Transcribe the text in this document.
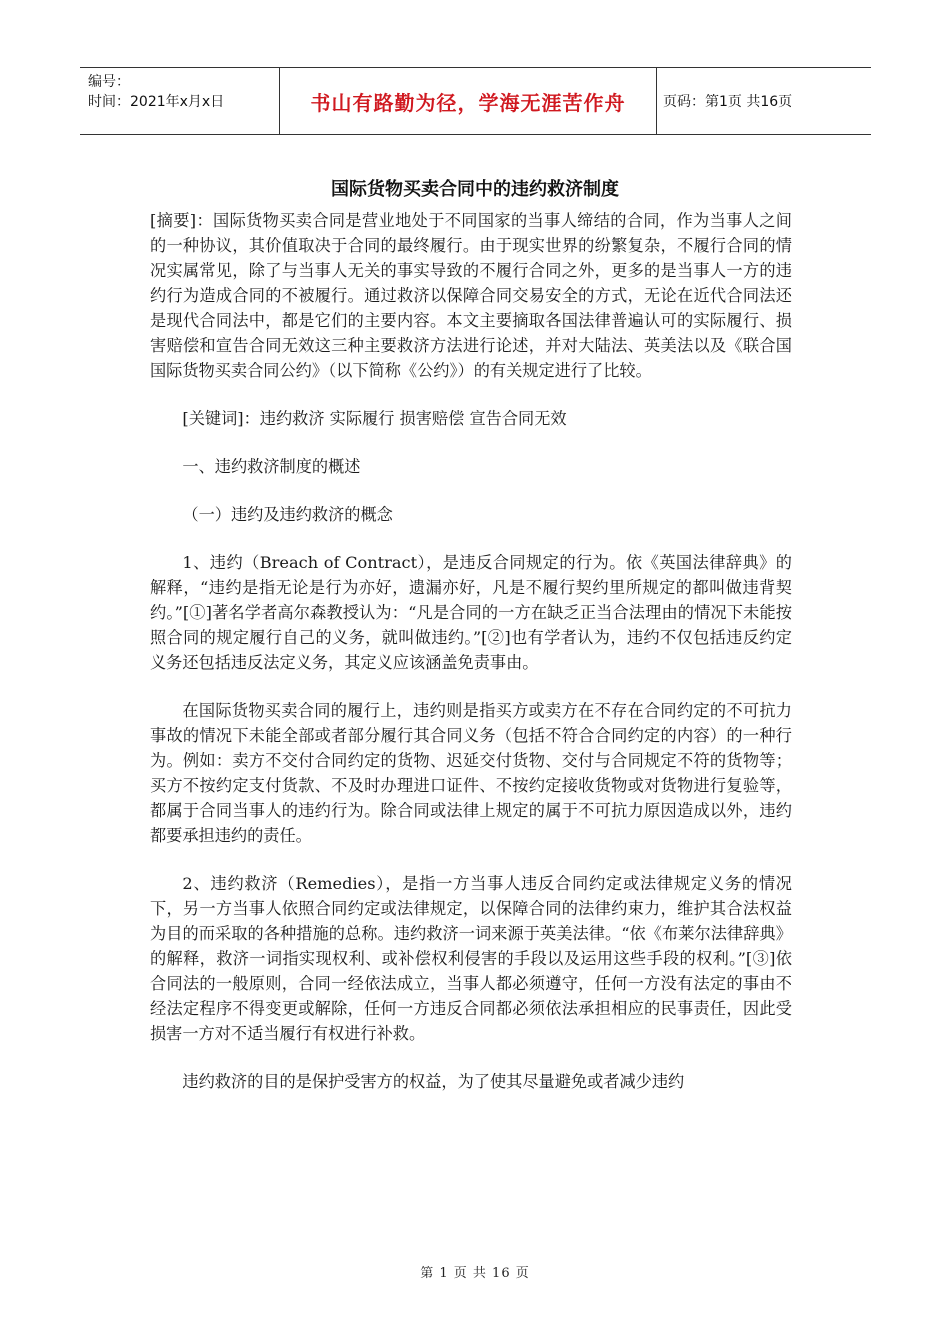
编号：
时间：2021年x月x日	书山有路勤为径，学海无涯苦作舟	页码：第1页 共16页
国际货物买卖合同中的违约救济制度

[摘要]：国际货物买卖合同是营业地处于不同国家的当事人缔结的合同，作为当事人之间的一种协议，其价值取决于合同的最终履行。由于现实世界的纷繁复杂，不履行合同的情况实属常见，除了与当事人无关的事实导致的不履行合同之外，更多的是当事人一方的违约行为造成合同的不被履行。通过救济以保障合同交易安全的方式，无论在近代合同法还是现代合同法中，都是它们的主要内容。本文主要摘取各国法律普遍认可的实际履行、损害赔偿和宣告合同无效这三种主要救济方法进行论述，并对大陆法、英美法以及《联合国国际货物买卖合同公约》（以下简称《公约》）的有关规定进行了比较。

[关键词]：违约救济 实际履行 损害赔偿 宣告合同无效

一、违约救济制度的概述

（一）违约及违约救济的概念

1、违约（Breach of Contract），是违反合同规定的行为。依《英国法律辞典》的解释，“违约是指无论是行为亦好，遗漏亦好，凡是不履行契约里所规定的都叫做违背契约。”[①]著名学者高尔森教授认为：“凡是合同的一方在缺乏正当合法理由的情况下未能按照合同的规定履行自己的义务，就叫做违约。”[②]也有学者认为，违约不仅包括违反约定义务还包括违反法定义务，其定义应该涵盖免责事由。

在国际货物买卖合同的履行上，违约则是指买方或卖方在不存在合同约定的不可抗力事故的情况下未能全部或者部分履行其合同义务（包括不符合合同约定的内容）的一种行为。例如：卖方不交付合同约定的货物、迟延交付货物、交付与合同规定不符的货物等；买方不按约定支付货款、不及时办理进口证件、不按约定接收货物或对货物进行复验等，都属于合同当事人的违约行为。除合同或法律上规定的属于不可抗力原因造成以外，违约都要承担违约的责任。

2、违约救济（Remedies），是指一方当事人违反合同约定或法律规定义务的情况下，另一方当事人依照合同约定或法律规定，以保障合同的法律约束力，维护其合法权益为目的而采取的各种措施的总称。违约救济一词来源于英美法律。“依《布莱尔法律辞典》的解释，救济一词指实现权利、或补偿权利侵害的手段以及运用这些手段的权利。”[③]依合同法的一般原则，合同一经依法成立，当事人都必须遵守，任何一方没有法定的事由不经法定程序不得变更或解除，任何一方违反合同都必须依法承担相应的民事责任，因此受损害一方对不适当履行有权进行补救。

违约救济的目的是保护受害方的权益，为了使其尽量避免或者减少违约

第 1 页 共 16 页
